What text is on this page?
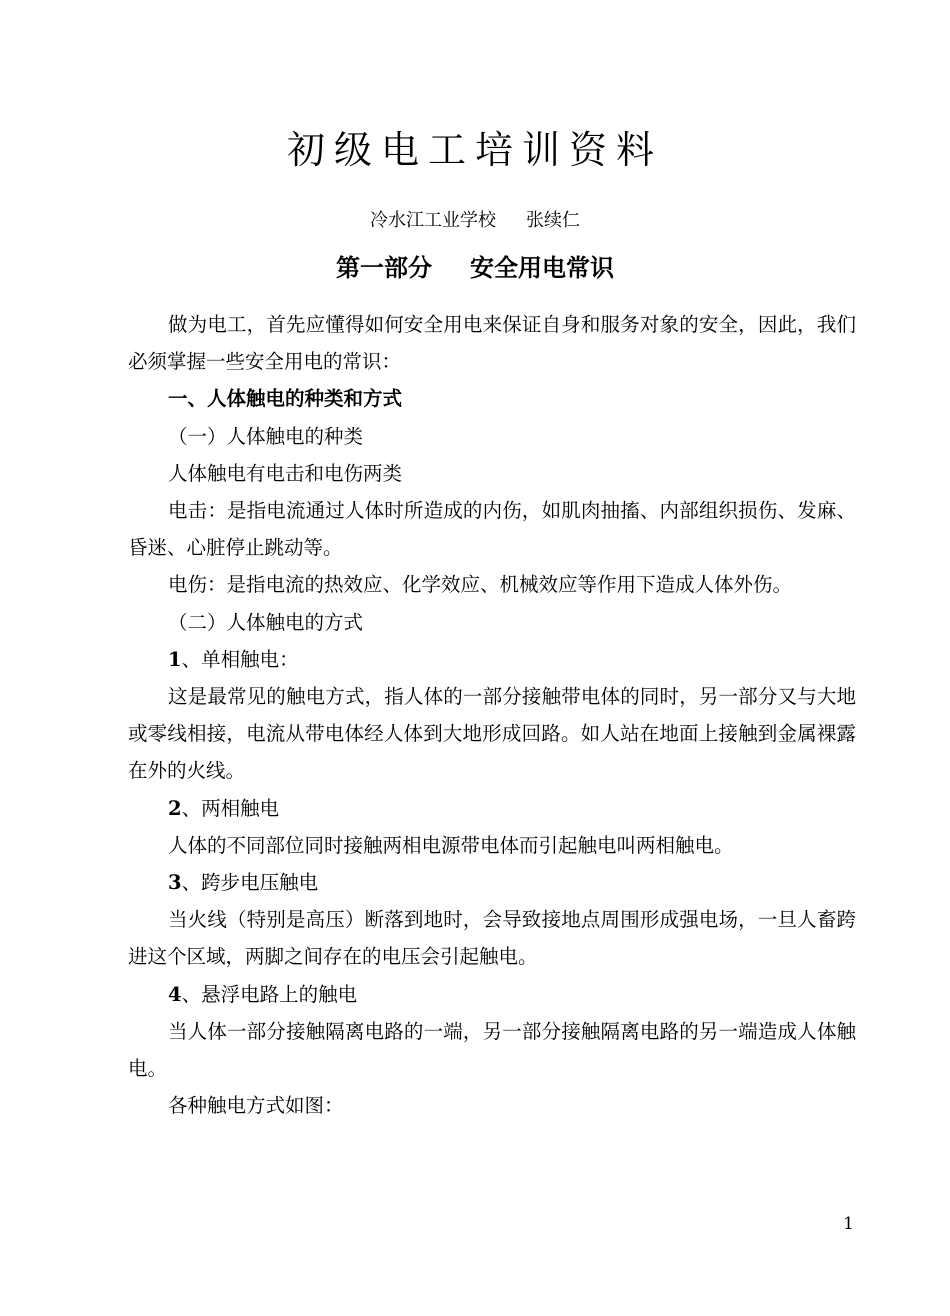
初级电工培训资料
冷水江工业学校 张续仁
第一部分 安全用电常识

做为电工，首先应懂得如何安全用电来保证自身和服务对象的安全，因此，我们必须掌握一些安全用电的常识：

一、人体触电的种类和方式

（一）人体触电的种类

人体触电有电击和电伤两类

电击：是指电流通过人体时所造成的内伤，如肌肉抽搐、内部组织损伤、发麻、昏迷、心脏停止跳动等。

电伤：是指电流的热效应、化学效应、机械效应等作用下造成人体外伤。

（二）人体触电的方式

1、单相触电：

这是最常见的触电方式，指人体的一部分接触带电体的同时，另一部分又与大地或零线相接，电流从带电体经人体到大地形成回路。如人站在地面上接触到金属裸露在外的火线。

2、两相触电

人体的不同部位同时接触两相电源带电体而引起触电叫两相触电。

3、跨步电压触电

当火线（特别是高压）断落到地时，会导致接地点周围形成强电场，一旦人畜跨进这个区域，两脚之间存在的电压会引起触电。

4、悬浮电路上的触电

当人体一部分接触隔离电路的一端，另一部分接触隔离电路的另一端造成人体触电。

各种触电方式如图：

1
